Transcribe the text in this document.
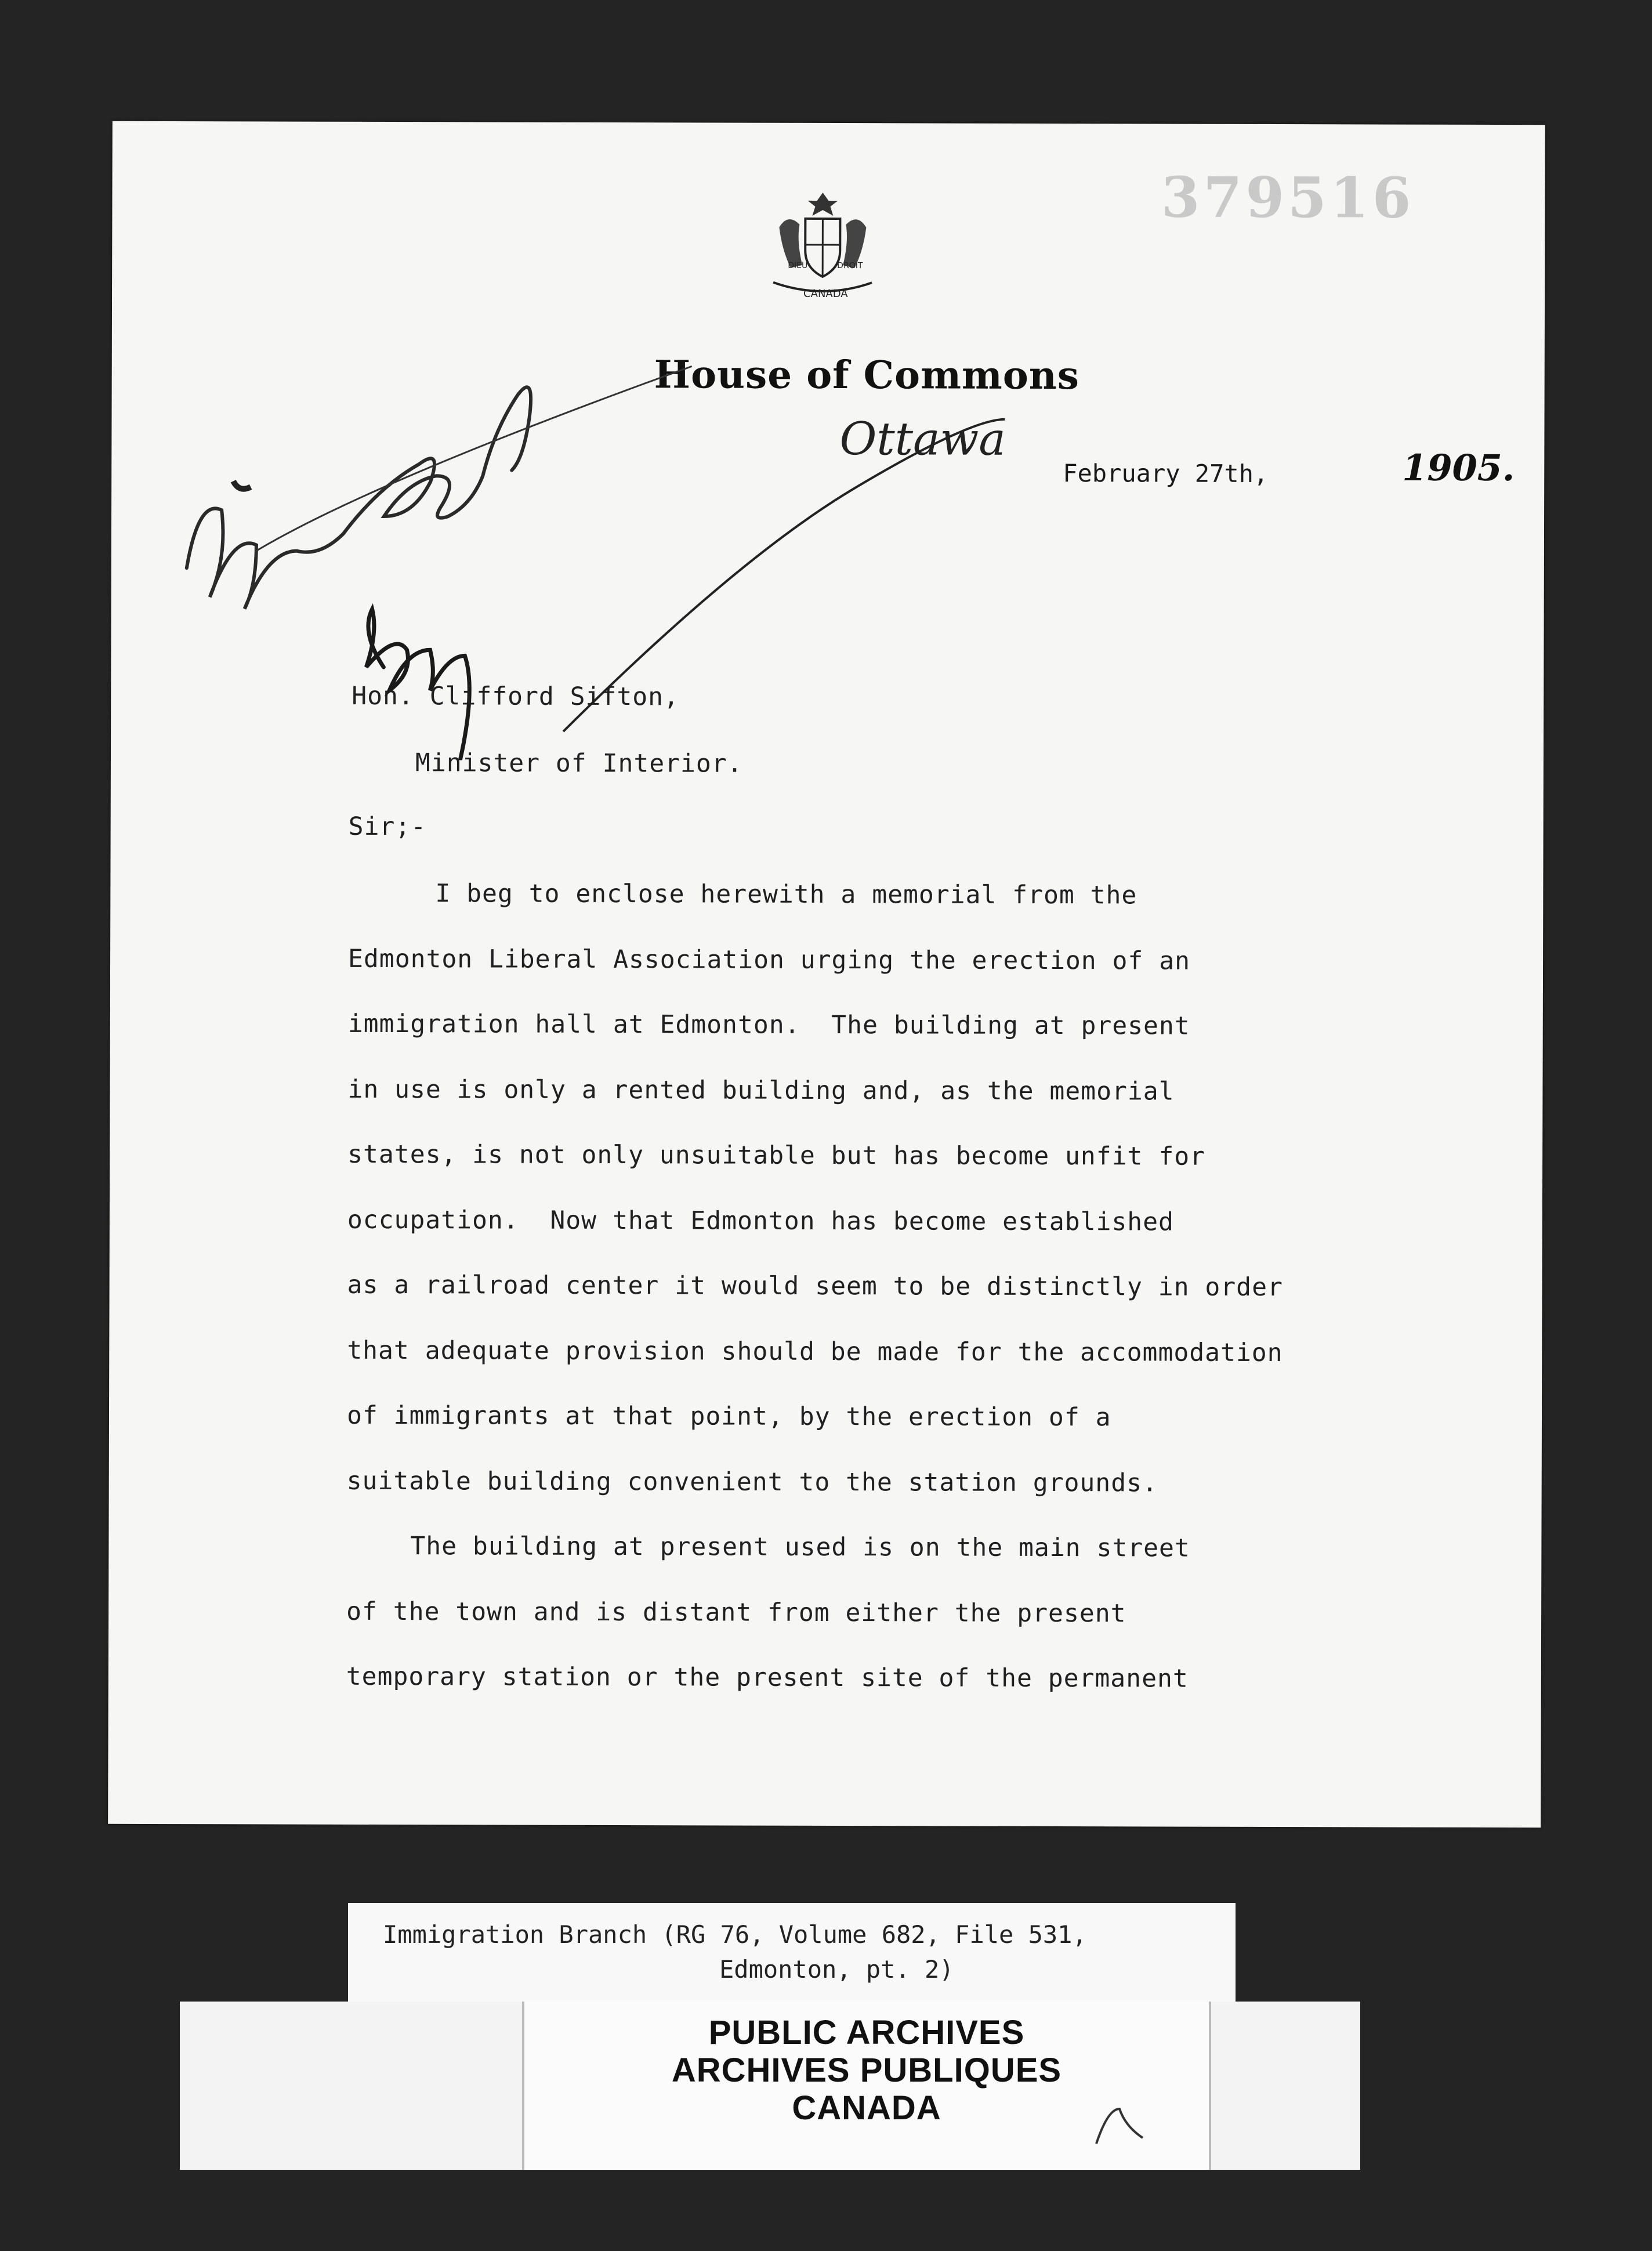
379516
DIEU	DROIT
CANADA
House of Commons
Ottawa
February 27th,	1905.
Mr Scott
Copy
Hon. Clifford Sifton,
Minister of Interior.
Sir;-
I beg to enclose herewith a memorial from the
Edmonton Liberal Association urging the erection of an
immigration hall at Edmonton.  The building at present
in use is only a rented building and, as the memorial
states, is not only unsuitable but has become unfit for
occupation.  Now that Edmonton has become established
as a railroad center it would seem to be distinctly in order
that adequate provision should be made for the accommodation
of immigrants at that point, by the erection of a
suitable building convenient to the station grounds.
The building at present used is on the main street
of the town and is distant from either the present
temporary station or the present site of the permanent
Immigration Branch (RG 76, Volume 682, File 531,
Edmonton, pt. 2)
PUBLIC ARCHIVES
ARCHIVES PUBLIQUES
CANADA
